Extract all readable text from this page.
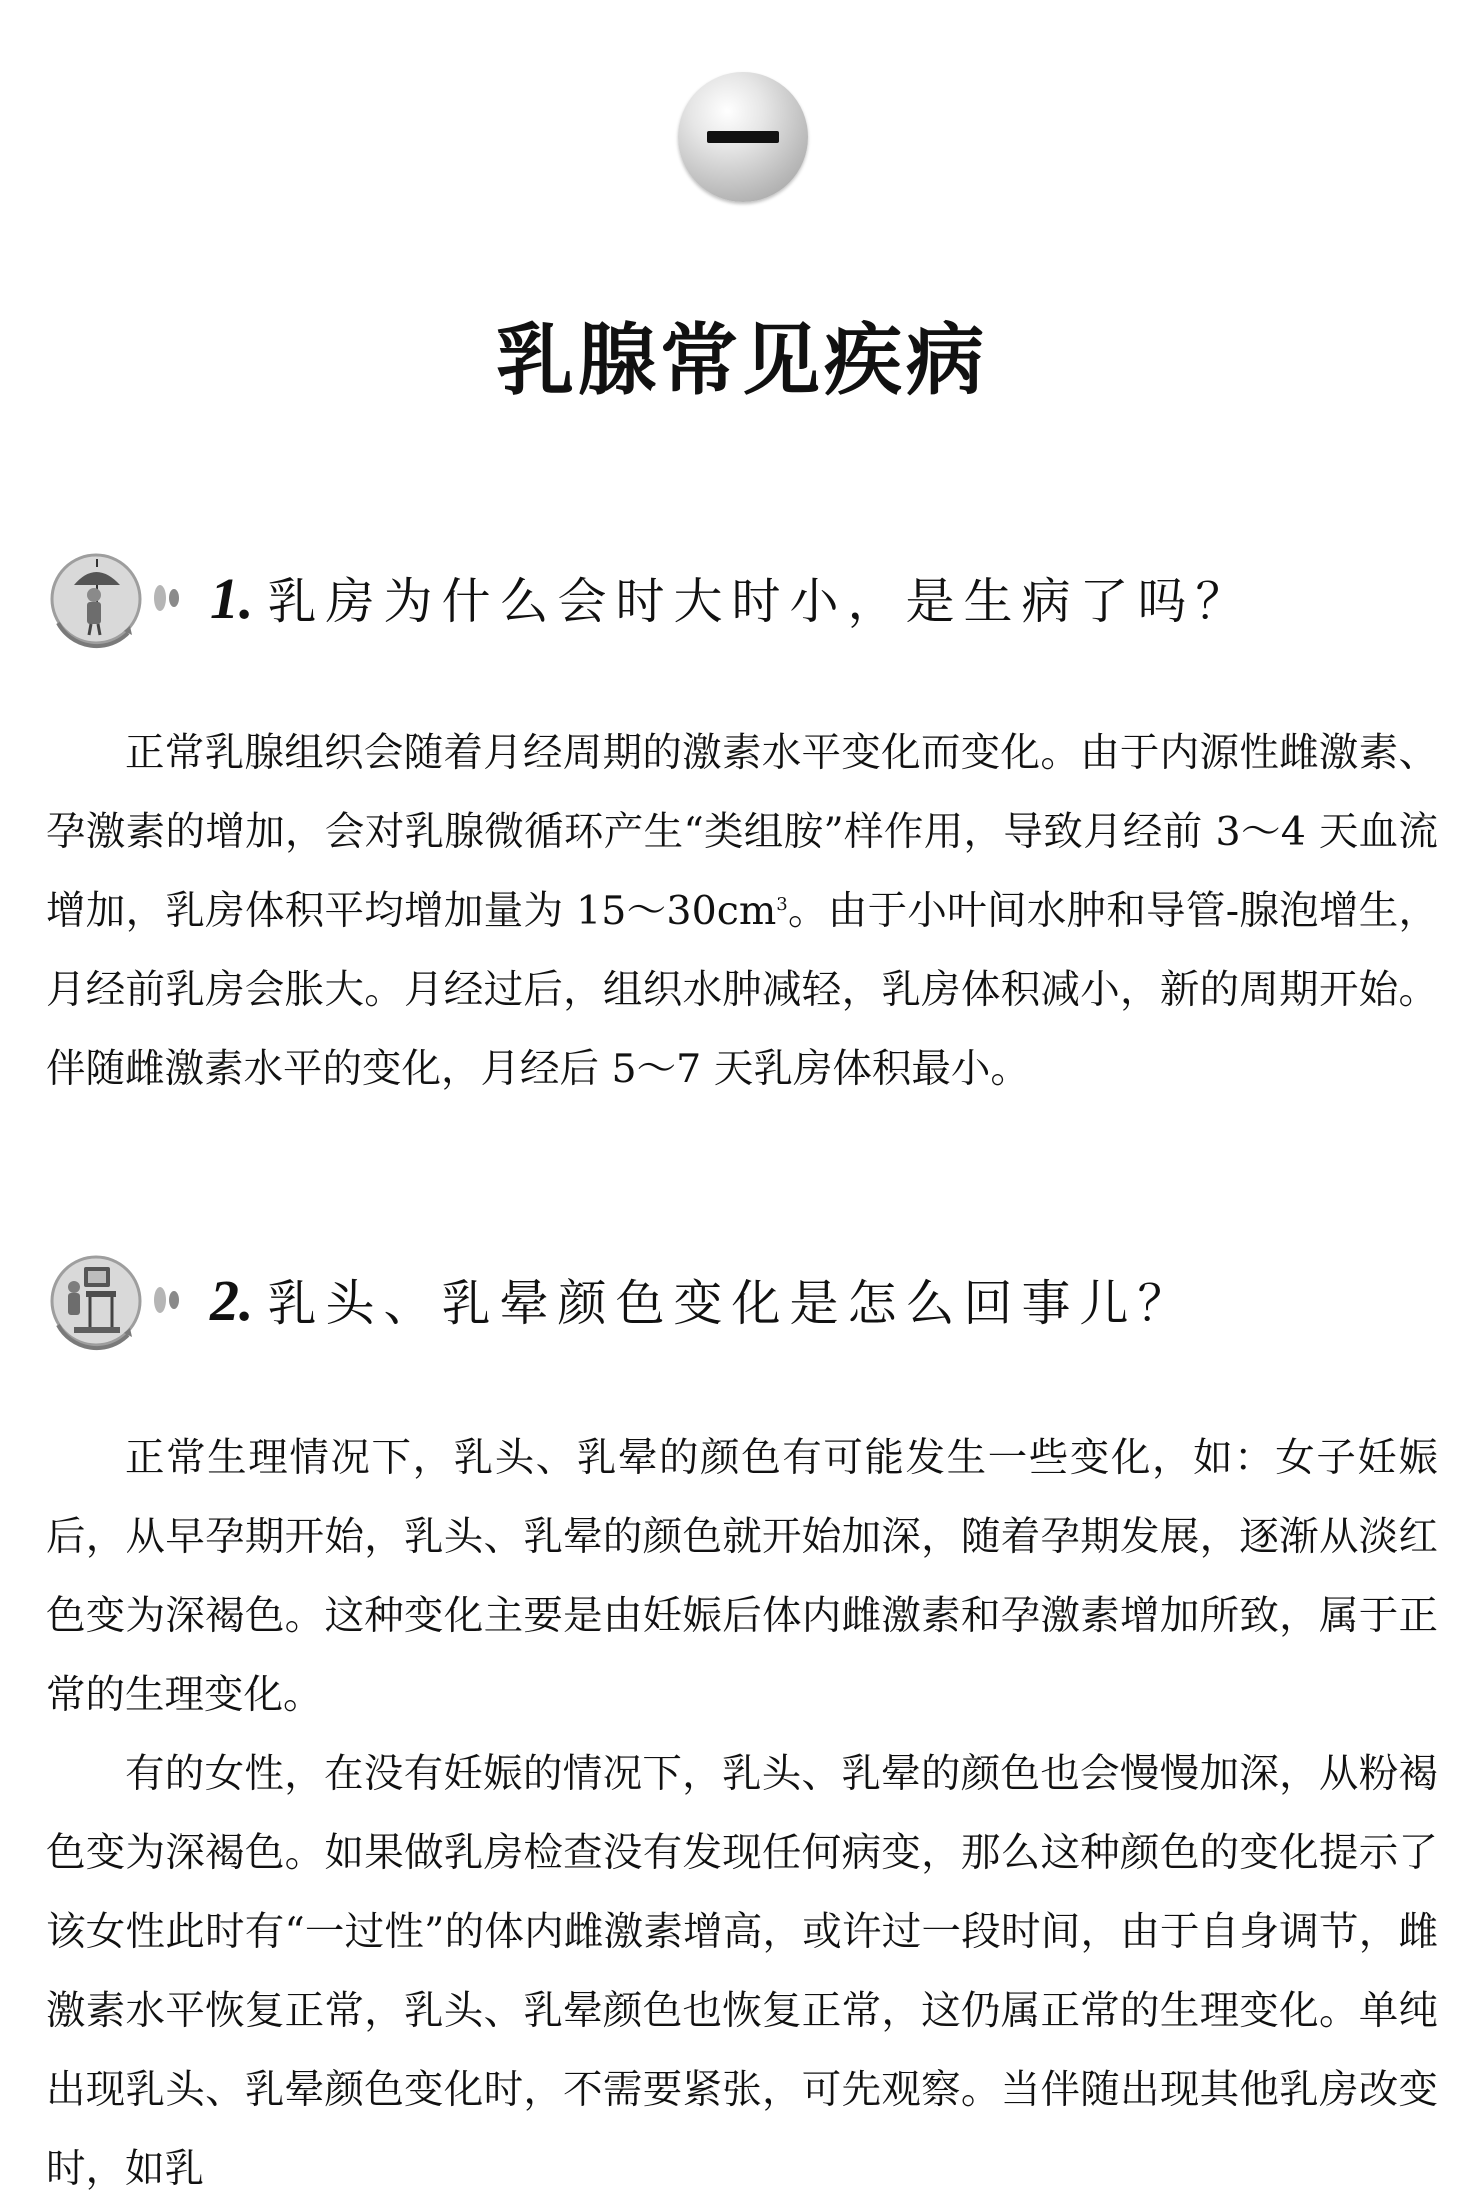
乳腺常见疾病
1. 乳房为什么会时大时小，是生病了吗？

正常乳腺组织会随着月经周期的激素水平变化而变化。由于内源性雌激素、孕激素的增加，会对乳腺微循环产生“类组胺”样作用，导致月经前 3～4 天血流增加，乳房体积平均增加量为 $15\sim 30cm^3$。由于小叶间水肿和导管-腺泡增生，月经前乳房会胀大。月经过后，组织水肿减轻，乳房体积减小，新的周期开始。伴随雌激素水平的变化，月经后 5～7 天乳房体积最小。

2. 乳头、乳晕颜色变化是怎么回事儿？

正常生理情况下，乳头、乳晕的颜色有可能发生一些变化，如：女子妊娠后，从早孕期开始，乳头、乳晕的颜色就开始加深，随着孕期发展，逐渐从淡红色变为深褐色。这种变化主要是由妊娠后体内雌激素和孕激素增加所致，属于正常的生理变化。

有的女性，在没有妊娠的情况下，乳头、乳晕的颜色也会慢慢加深，从粉褐色变为深褐色。如果做乳房检查没有发现任何病变，那么这种颜色的变化提示了该女性此时有“一过性”的体内雌激素增高，或许过一段时间，由于自身调节，雌激素水平恢复正常，乳头、乳晕颜色也恢复正常，这仍属正常的生理变化。单纯出现乳头、乳晕颜色变化时，不需要紧张，可先观察。当伴随出现其他乳房改变时，如乳
